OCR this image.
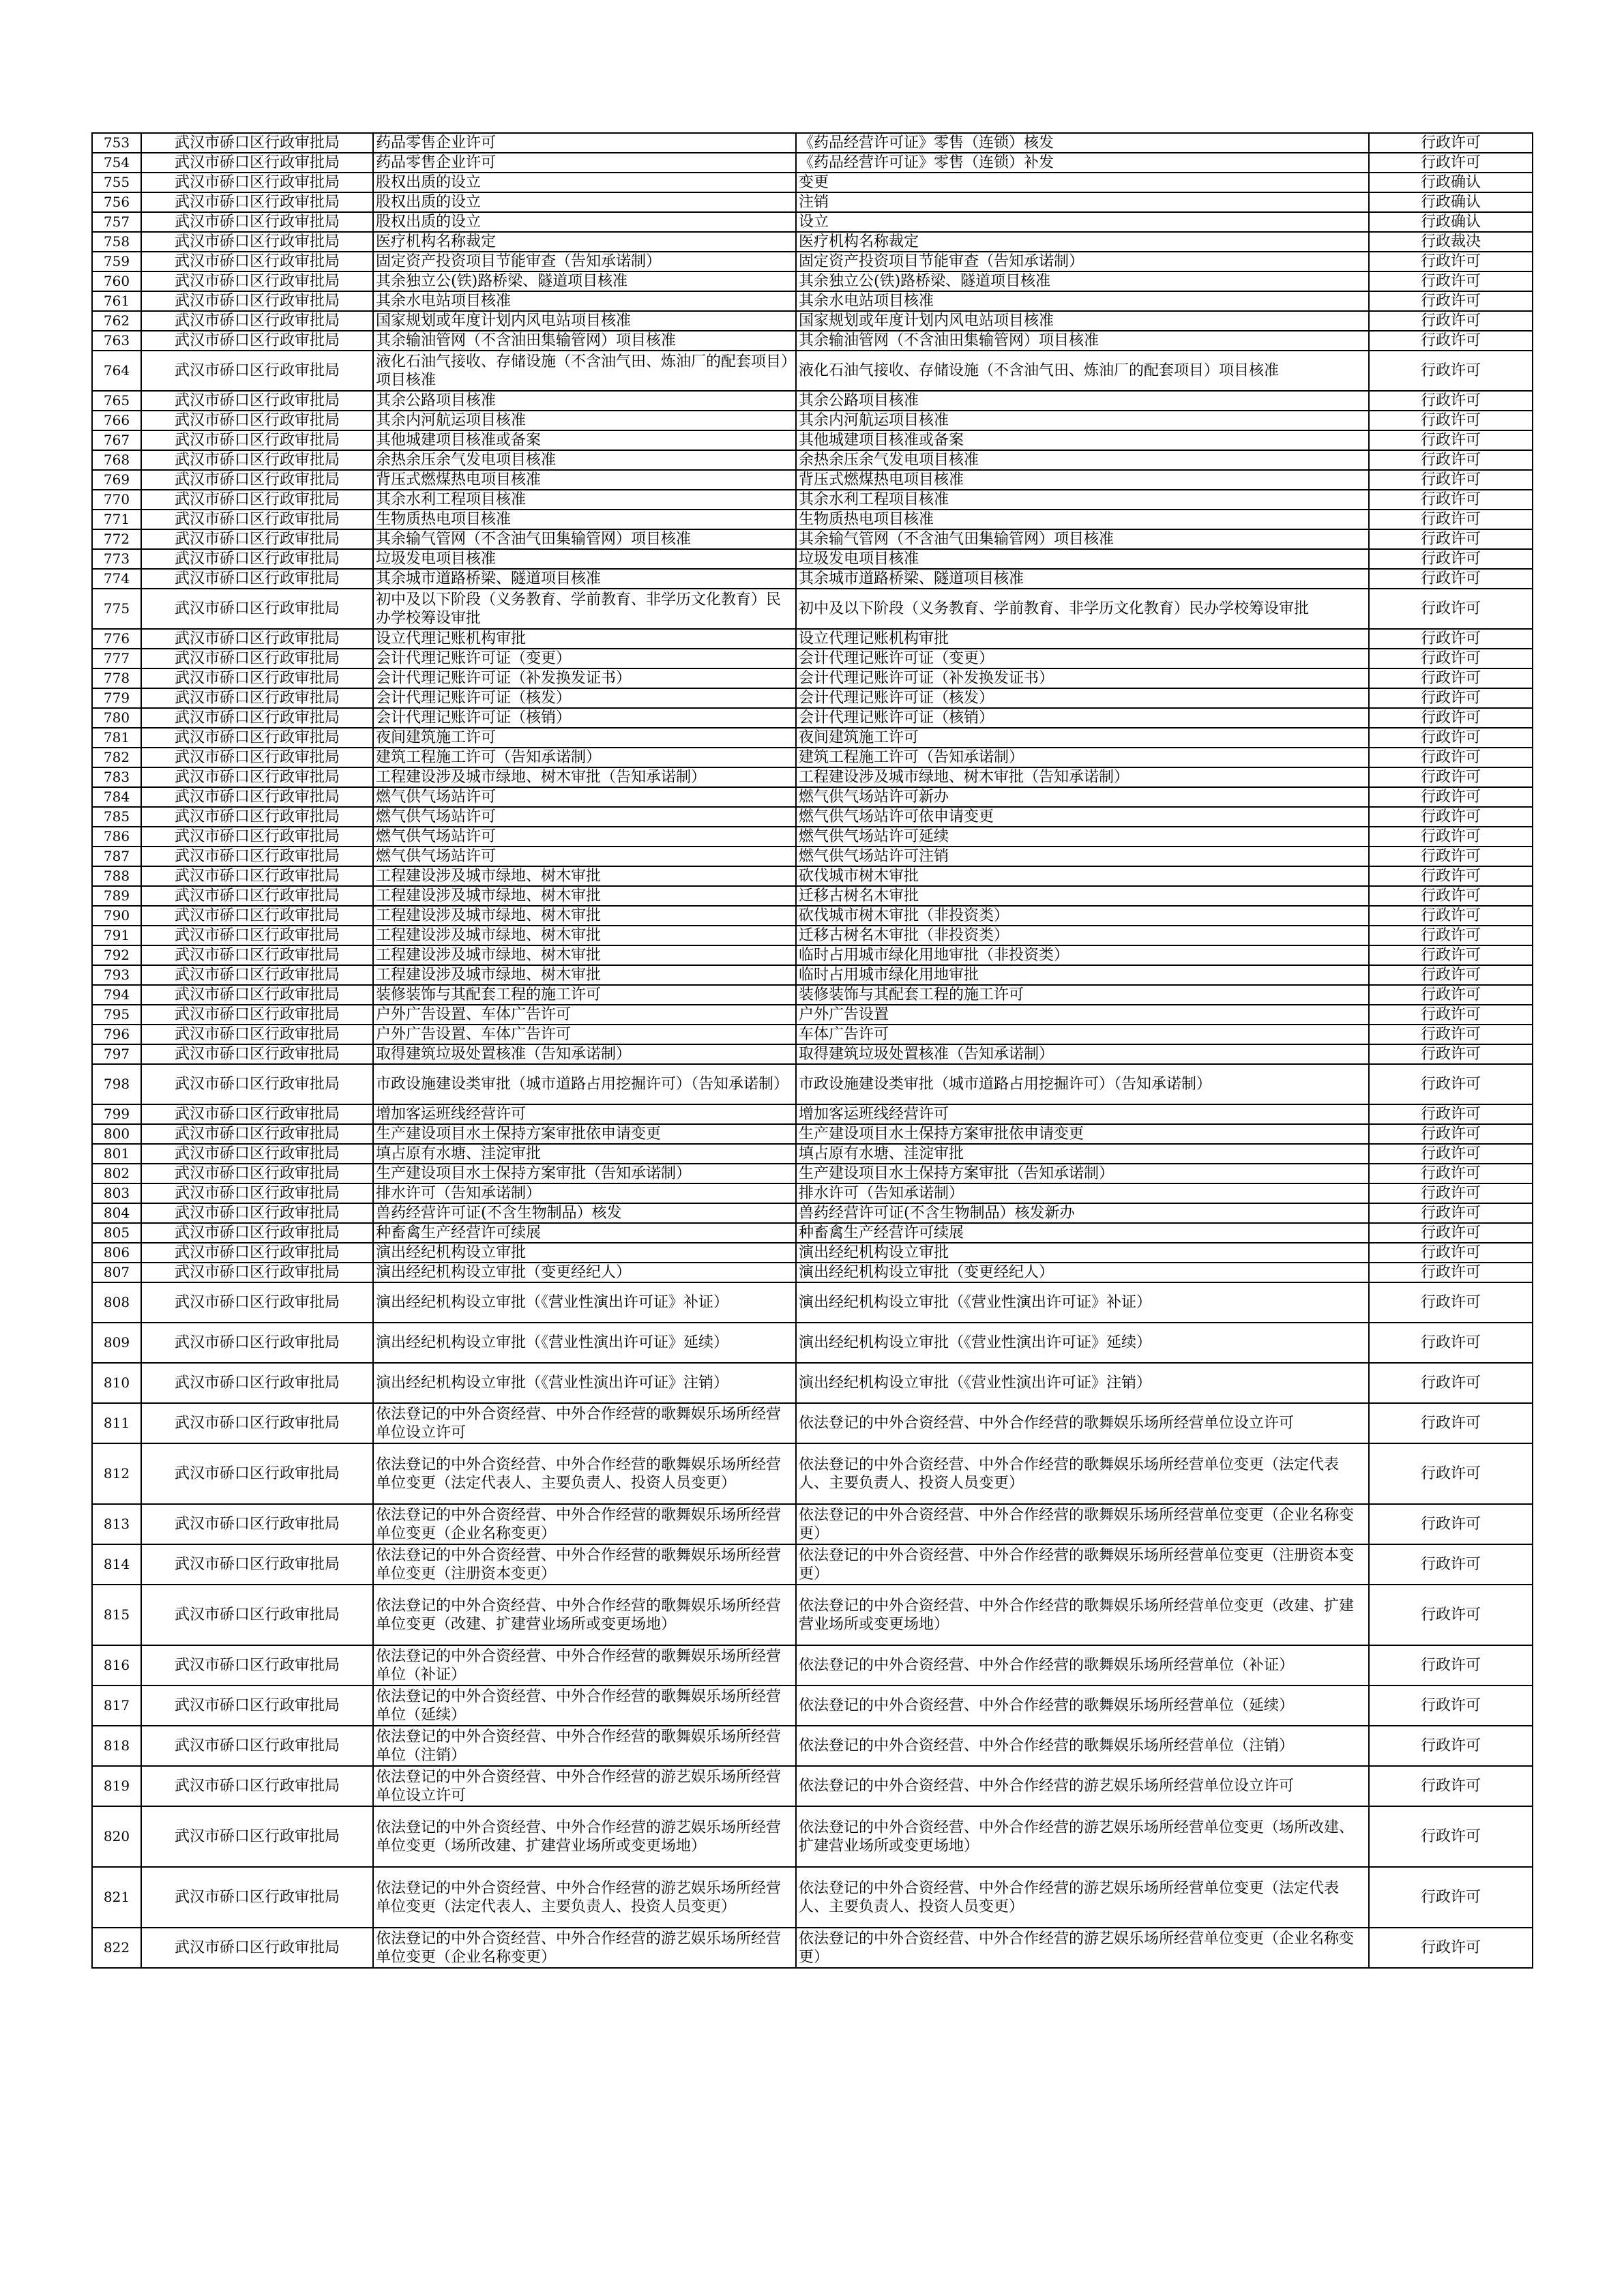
753	武汉市硚口区行政审批局	药品零售企业许可	《药品经营许可证》零售（连锁）核发	行政许可
754	武汉市硚口区行政审批局	药品零售企业许可	《药品经营许可证》零售（连锁）补发	行政许可
755	武汉市硚口区行政审批局	股权出质的设立	变更	行政确认
756	武汉市硚口区行政审批局	股权出质的设立	注销	行政确认
757	武汉市硚口区行政审批局	股权出质的设立	设立	行政确认
758	武汉市硚口区行政审批局	医疗机构名称裁定	医疗机构名称裁定	行政裁决
759	武汉市硚口区行政审批局	固定资产投资项目节能审查（告知承诺制）	固定资产投资项目节能审查（告知承诺制）	行政许可
760	武汉市硚口区行政审批局	其余独立公(铁)路桥梁、隧道项目核准	其余独立公(铁)路桥梁、隧道项目核准	行政许可
761	武汉市硚口区行政审批局	其余水电站项目核准	其余水电站项目核准	行政许可
762	武汉市硚口区行政审批局	国家规划或年度计划内风电站项目核准	国家规划或年度计划内风电站项目核准	行政许可
763	武汉市硚口区行政审批局	其余输油管网（不含油田集输管网）项目核准	其余输油管网（不含油田集输管网）项目核准	行政许可
764	武汉市硚口区行政审批局	液化石油气接收、存储设施（不含油气田、炼油厂的配套项目）项目核准	液化石油气接收、存储设施（不含油气田、炼油厂的配套项目）项目核准	行政许可
765	武汉市硚口区行政审批局	其余公路项目核准	其余公路项目核准	行政许可
766	武汉市硚口区行政审批局	其余内河航运项目核准	其余内河航运项目核准	行政许可
767	武汉市硚口区行政审批局	其他城建项目核准或备案	其他城建项目核准或备案	行政许可
768	武汉市硚口区行政审批局	余热余压余气发电项目核准	余热余压余气发电项目核准	行政许可
769	武汉市硚口区行政审批局	背压式燃煤热电项目核准	背压式燃煤热电项目核准	行政许可
770	武汉市硚口区行政审批局	其余水利工程项目核准	其余水利工程项目核准	行政许可
771	武汉市硚口区行政审批局	生物质热电项目核准	生物质热电项目核准	行政许可
772	武汉市硚口区行政审批局	其余输气管网（不含油气田集输管网）项目核准	其余输气管网（不含油气田集输管网）项目核准	行政许可
773	武汉市硚口区行政审批局	垃圾发电项目核准	垃圾发电项目核准	行政许可
774	武汉市硚口区行政审批局	其余城市道路桥梁、隧道项目核准	其余城市道路桥梁、隧道项目核准	行政许可
775	武汉市硚口区行政审批局	初中及以下阶段（义务教育、学前教育、非学历文化教育）民办学校筹设审批	初中及以下阶段（义务教育、学前教育、非学历文化教育）民办学校筹设审批	行政许可
776	武汉市硚口区行政审批局	设立代理记账机构审批	设立代理记账机构审批	行政许可
777	武汉市硚口区行政审批局	会计代理记账许可证（变更）	会计代理记账许可证（变更）	行政许可
778	武汉市硚口区行政审批局	会计代理记账许可证（补发换发证书）	会计代理记账许可证（补发换发证书）	行政许可
779	武汉市硚口区行政审批局	会计代理记账许可证（核发）	会计代理记账许可证（核发）	行政许可
780	武汉市硚口区行政审批局	会计代理记账许可证（核销）	会计代理记账许可证（核销）	行政许可
781	武汉市硚口区行政审批局	夜间建筑施工许可	夜间建筑施工许可	行政许可
782	武汉市硚口区行政审批局	建筑工程施工许可（告知承诺制）	建筑工程施工许可（告知承诺制）	行政许可
783	武汉市硚口区行政审批局	工程建设涉及城市绿地、树木审批（告知承诺制）	工程建设涉及城市绿地、树木审批（告知承诺制）	行政许可
784	武汉市硚口区行政审批局	燃气供气场站许可	燃气供气场站许可新办	行政许可
785	武汉市硚口区行政审批局	燃气供气场站许可	燃气供气场站许可依申请变更	行政许可
786	武汉市硚口区行政审批局	燃气供气场站许可	燃气供气场站许可延续	行政许可
787	武汉市硚口区行政审批局	燃气供气场站许可	燃气供气场站许可注销	行政许可
788	武汉市硚口区行政审批局	工程建设涉及城市绿地、树木审批	砍伐城市树木审批	行政许可
789	武汉市硚口区行政审批局	工程建设涉及城市绿地、树木审批	迁移古树名木审批	行政许可
790	武汉市硚口区行政审批局	工程建设涉及城市绿地、树木审批	砍伐城市树木审批（非投资类）	行政许可
791	武汉市硚口区行政审批局	工程建设涉及城市绿地、树木审批	迁移古树名木审批（非投资类）	行政许可
792	武汉市硚口区行政审批局	工程建设涉及城市绿地、树木审批	临时占用城市绿化用地审批（非投资类）	行政许可
793	武汉市硚口区行政审批局	工程建设涉及城市绿地、树木审批	临时占用城市绿化用地审批	行政许可
794	武汉市硚口区行政审批局	装修装饰与其配套工程的施工许可	装修装饰与其配套工程的施工许可	行政许可
795	武汉市硚口区行政审批局	户外广告设置、车体广告许可	户外广告设置	行政许可
796	武汉市硚口区行政审批局	户外广告设置、车体广告许可	车体广告许可	行政许可
797	武汉市硚口区行政审批局	取得建筑垃圾处置核准（告知承诺制）	取得建筑垃圾处置核准（告知承诺制）	行政许可
798	武汉市硚口区行政审批局	市政设施建设类审批（城市道路占用挖掘许可）（告知承诺制）	市政设施建设类审批（城市道路占用挖掘许可）（告知承诺制）	行政许可
799	武汉市硚口区行政审批局	增加客运班线经营许可	增加客运班线经营许可	行政许可
800	武汉市硚口区行政审批局	生产建设项目水土保持方案审批依申请变更	生产建设项目水土保持方案审批依申请变更	行政许可
801	武汉市硚口区行政审批局	填占原有水塘、洼淀审批	填占原有水塘、洼淀审批	行政许可
802	武汉市硚口区行政审批局	生产建设项目水土保持方案审批（告知承诺制）	生产建设项目水土保持方案审批（告知承诺制）	行政许可
803	武汉市硚口区行政审批局	排水许可（告知承诺制）	排水许可（告知承诺制）	行政许可
804	武汉市硚口区行政审批局	兽药经营许可证(不含生物制品）核发	兽药经营许可证(不含生物制品）核发新办	行政许可
805	武汉市硚口区行政审批局	种畜禽生产经营许可续展	种畜禽生产经营许可续展	行政许可
806	武汉市硚口区行政审批局	演出经纪机构设立审批	演出经纪机构设立审批	行政许可
807	武汉市硚口区行政审批局	演出经纪机构设立审批（变更经纪人）	演出经纪机构设立审批（变更经纪人）	行政许可
808	武汉市硚口区行政审批局	演出经纪机构设立审批（《营业性演出许可证》补证）	演出经纪机构设立审批（《营业性演出许可证》补证）	行政许可
809	武汉市硚口区行政审批局	演出经纪机构设立审批（《营业性演出许可证》延续）	演出经纪机构设立审批（《营业性演出许可证》延续）	行政许可
810	武汉市硚口区行政审批局	演出经纪机构设立审批（《营业性演出许可证》注销）	演出经纪机构设立审批（《营业性演出许可证》注销）	行政许可
811	武汉市硚口区行政审批局	依法登记的中外合资经营、中外合作经营的歌舞娱乐场所经营单位设立许可	依法登记的中外合资经营、中外合作经营的歌舞娱乐场所经营单位设立许可	行政许可
812	武汉市硚口区行政审批局	依法登记的中外合资经营、中外合作经营的歌舞娱乐场所经营单位变更（法定代表人、主要负责人、投资人员变更）	依法登记的中外合资经营、中外合作经营的歌舞娱乐场所经营单位变更（法定代表人、主要负责人、投资人员变更）	行政许可
813	武汉市硚口区行政审批局	依法登记的中外合资经营、中外合作经营的歌舞娱乐场所经营单位变更（企业名称变更）	依法登记的中外合资经营、中外合作经营的歌舞娱乐场所经营单位变更（企业名称变更）	行政许可
814	武汉市硚口区行政审批局	依法登记的中外合资经营、中外合作经营的歌舞娱乐场所经营单位变更（注册资本变更）	依法登记的中外合资经营、中外合作经营的歌舞娱乐场所经营单位变更（注册资本变更）	行政许可
815	武汉市硚口区行政审批局	依法登记的中外合资经营、中外合作经营的歌舞娱乐场所经营单位变更（改建、扩建营业场所或变更场地）	依法登记的中外合资经营、中外合作经营的歌舞娱乐场所经营单位变更（改建、扩建营业场所或变更场地）	行政许可
816	武汉市硚口区行政审批局	依法登记的中外合资经营、中外合作经营的歌舞娱乐场所经营单位（补证）	依法登记的中外合资经营、中外合作经营的歌舞娱乐场所经营单位（补证）	行政许可
817	武汉市硚口区行政审批局	依法登记的中外合资经营、中外合作经营的歌舞娱乐场所经营单位（延续）	依法登记的中外合资经营、中外合作经营的歌舞娱乐场所经营单位（延续）	行政许可
818	武汉市硚口区行政审批局	依法登记的中外合资经营、中外合作经营的歌舞娱乐场所经营单位（注销）	依法登记的中外合资经营、中外合作经营的歌舞娱乐场所经营单位（注销）	行政许可
819	武汉市硚口区行政审批局	依法登记的中外合资经营、中外合作经营的游艺娱乐场所经营单位设立许可	依法登记的中外合资经营、中外合作经营的游艺娱乐场所经营单位设立许可	行政许可
820	武汉市硚口区行政审批局	依法登记的中外合资经营、中外合作经营的游艺娱乐场所经营单位变更（场所改建、扩建营业场所或变更场地）	依法登记的中外合资经营、中外合作经营的游艺娱乐场所经营单位变更（场所改建、扩建营业场所或变更场地）	行政许可
821	武汉市硚口区行政审批局	依法登记的中外合资经营、中外合作经营的游艺娱乐场所经营单位变更（法定代表人、主要负责人、投资人员变更）	依法登记的中外合资经营、中外合作经营的游艺娱乐场所经营单位变更（法定代表人、主要负责人、投资人员变更）	行政许可
822	武汉市硚口区行政审批局	依法登记的中外合资经营、中外合作经营的游艺娱乐场所经营单位变更（企业名称变更）	依法登记的中外合资经营、中外合作经营的游艺娱乐场所经营单位变更（企业名称变更）	行政许可
